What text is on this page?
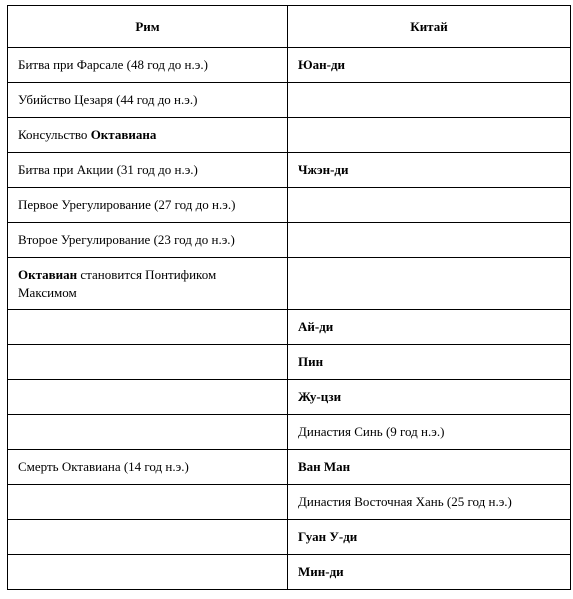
Рим	Китай
Битва при Фарсале (48 год до н.э.)	Юан-ди
Убийство Цезаря (44 год до н.э.)	
Консульство Октавиана	
Битва при Акции (31 год до н.э.)	Чжэн-ди
Первое Урегулирование (27 год до н.э.)	
Второе Урегулирование (23 год до н.э.)	
Октавиан становится Понтификом Максимом	
	Ай-ди
	Пин
	Жу-цзи
	Династия Синь (9 год н.э.)
Смерть Октавиана (14 год н.э.)	Ван Ман
	Династия Восточная Хань (25 год н.э.)
	Гуан У-ди
	Мин-ди
